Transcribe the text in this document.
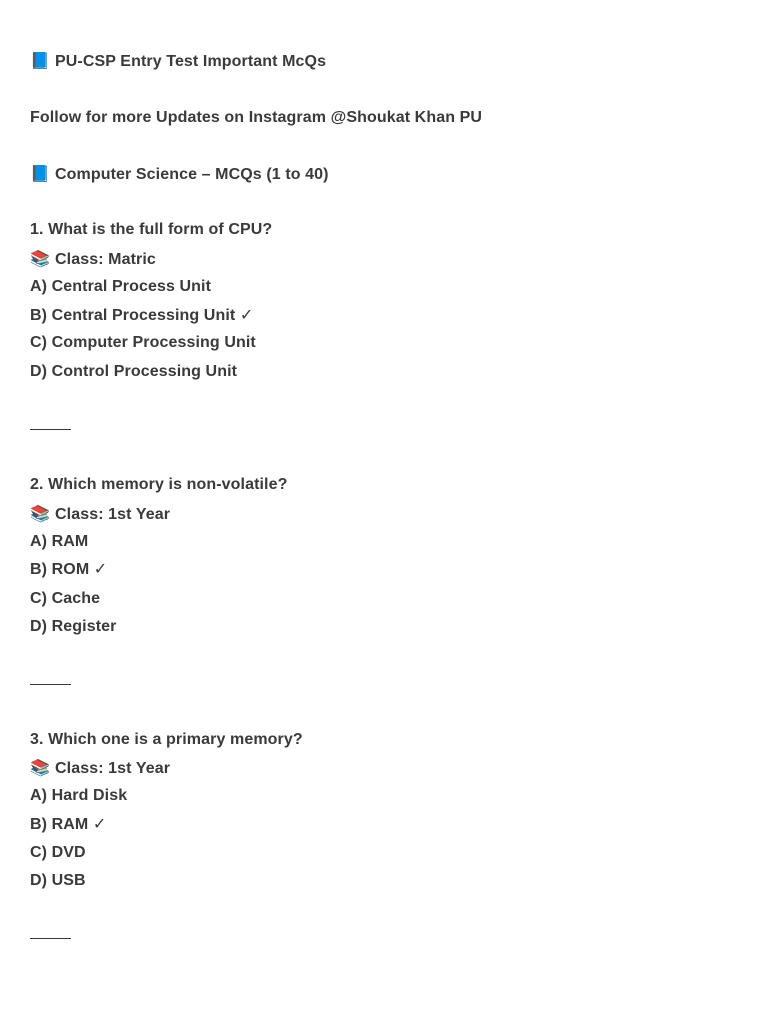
📘 PU-CSP Entry Test Important McQs
Follow for more Updates on Instagram @Shoukat Khan PU
📘 Computer Science – MCQs (1 to 40)
1. What is the full form of CPU?
📚 Class: Matric
A) Central Process Unit
B) Central Processing Unit ✓
C) Computer Processing Unit
D) Control Processing Unit
2. Which memory is non-volatile?
📚 Class: 1st Year
A) RAM
B) ROM ✓
C) Cache
D) Register
3. Which one is a primary memory?
📚 Class: 1st Year
A) Hard Disk
B) RAM ✓
C) DVD
D) USB
